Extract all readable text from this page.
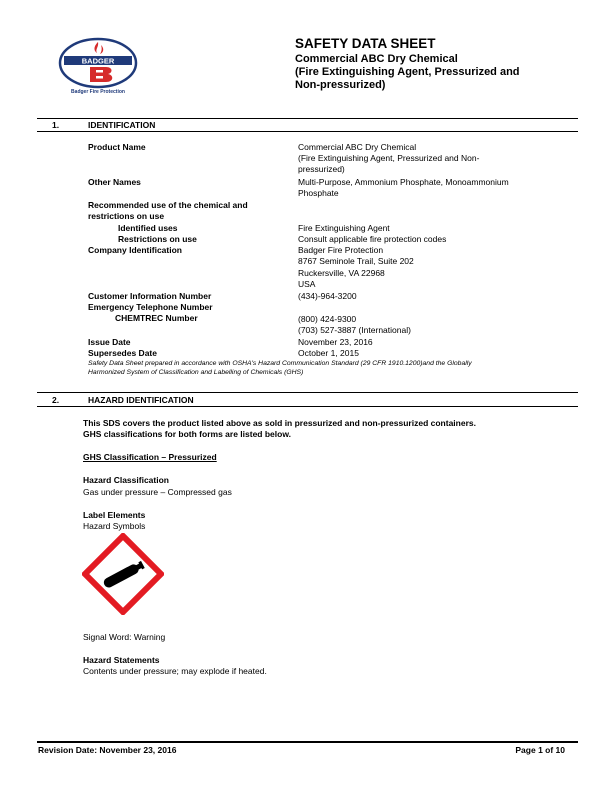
BADGER
Badger Fire Protection
SAFETY DATA SHEET
Commercial ABC Dry Chemical
(Fire Extinguishing Agent, Pressurized and
Non-pressurized)
1.	IDENTIFICATION
Product Name	Commercial ABC Dry Chemical
(Fire Extinguishing Agent, Pressurized and Non-
pressurized)
Other Names	Multi-Purpose, Ammonium Phosphate, Monoammonium
Phosphate
Recommended use of the chemical and
restrictions on use
Identified uses	Fire Extinguishing Agent
Restrictions on use	Consult applicable fire protection codes
Company Identification	Badger Fire Protection
8767 Seminole Trail, Suite 202
Ruckersville, VA 22968
USA
Customer Information Number	(434)-964-3200
Emergency Telephone Number
CHEMTREC Number	(800) 424-9300
(703) 527-3887 (International)
Issue Date	November 23, 2016
Supersedes Date	October 1, 2015
Safety Data Sheet prepared in accordance with OSHA's Hazard Communication Standard (29 CFR 1910.1200)and the Globally
Harmonized System of Classification and Labelling of Chemicals (GHS)
2.	HAZARD IDENTIFICATION
This SDS covers the product listed above as sold in pressurized and non-pressurized containers.
GHS classifications for both forms are listed below.
GHS Classification – Pressurized
Hazard Classification
Gas under pressure – Compressed gas
Label Elements
Hazard Symbols
Signal Word: Warning
Hazard Statements
Contents under pressure; may explode if heated.
Revision Date: November 23, 2016	Page 1 of 10
